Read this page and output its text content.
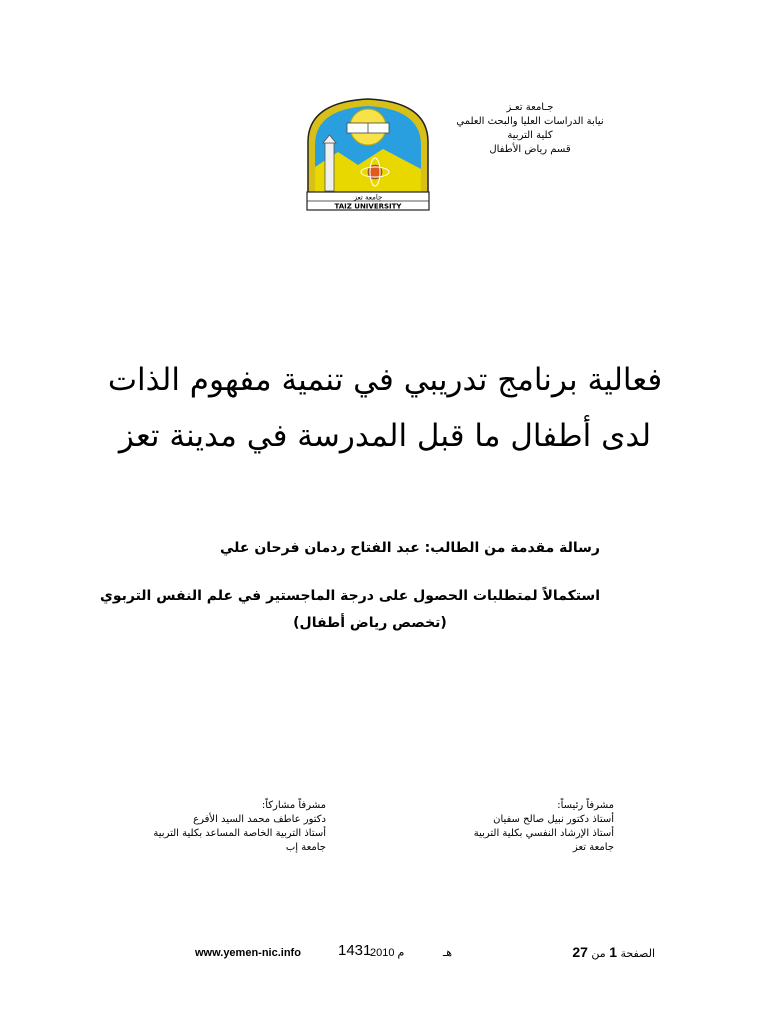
جامعة تعز
TAIZ UNIVERSITY
جـامعة تعـز
نيابة الدراسات العليا والبحث العلمي
كلية التربية
قسم رياض الأطفال
فعالية برنامج تدريبي في تنمية مفهوم الذات
لدى أطفال ما قبل المدرسة في مدينة تعز
رسالة مقدمة من الطالب: عبد الفتاح ردمان فرحان علي
استكمالاً لمتطلبات الحصول على درجة الماجستير في علم النفس التربوي
(تخصص رياض أطفال)
مشرفاً رئيساً:
أستاذ دكتور نبيل صالح سفيان
أستاذ الإرشاد النفسي بكلية التربية
جامعة تعز
مشرفاً مشاركاً:
دكتور عاطف محمد السيد الأفرع
أستاذ التربية الخاصة المساعد بكلية التربية
جامعة إب
www.yemen-nic.info 1431
2010 م	هـ	الصفحة 1 من 27
